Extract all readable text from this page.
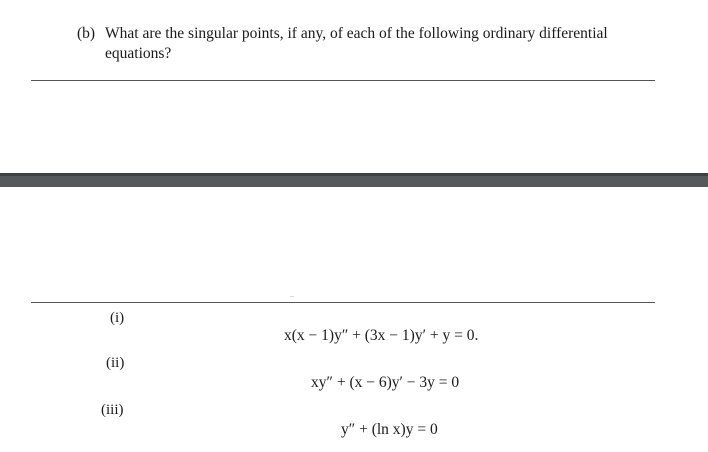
(b) What are the singular points, if any, of each of the following ordinary differential
equations?
(i)
x(x − 1)y″ + (3x − 1)y′ + y = 0.
(ii)
xy″ + (x − 6)y′ − 3y = 0
(iii)
y″ + (ln x)y = 0
